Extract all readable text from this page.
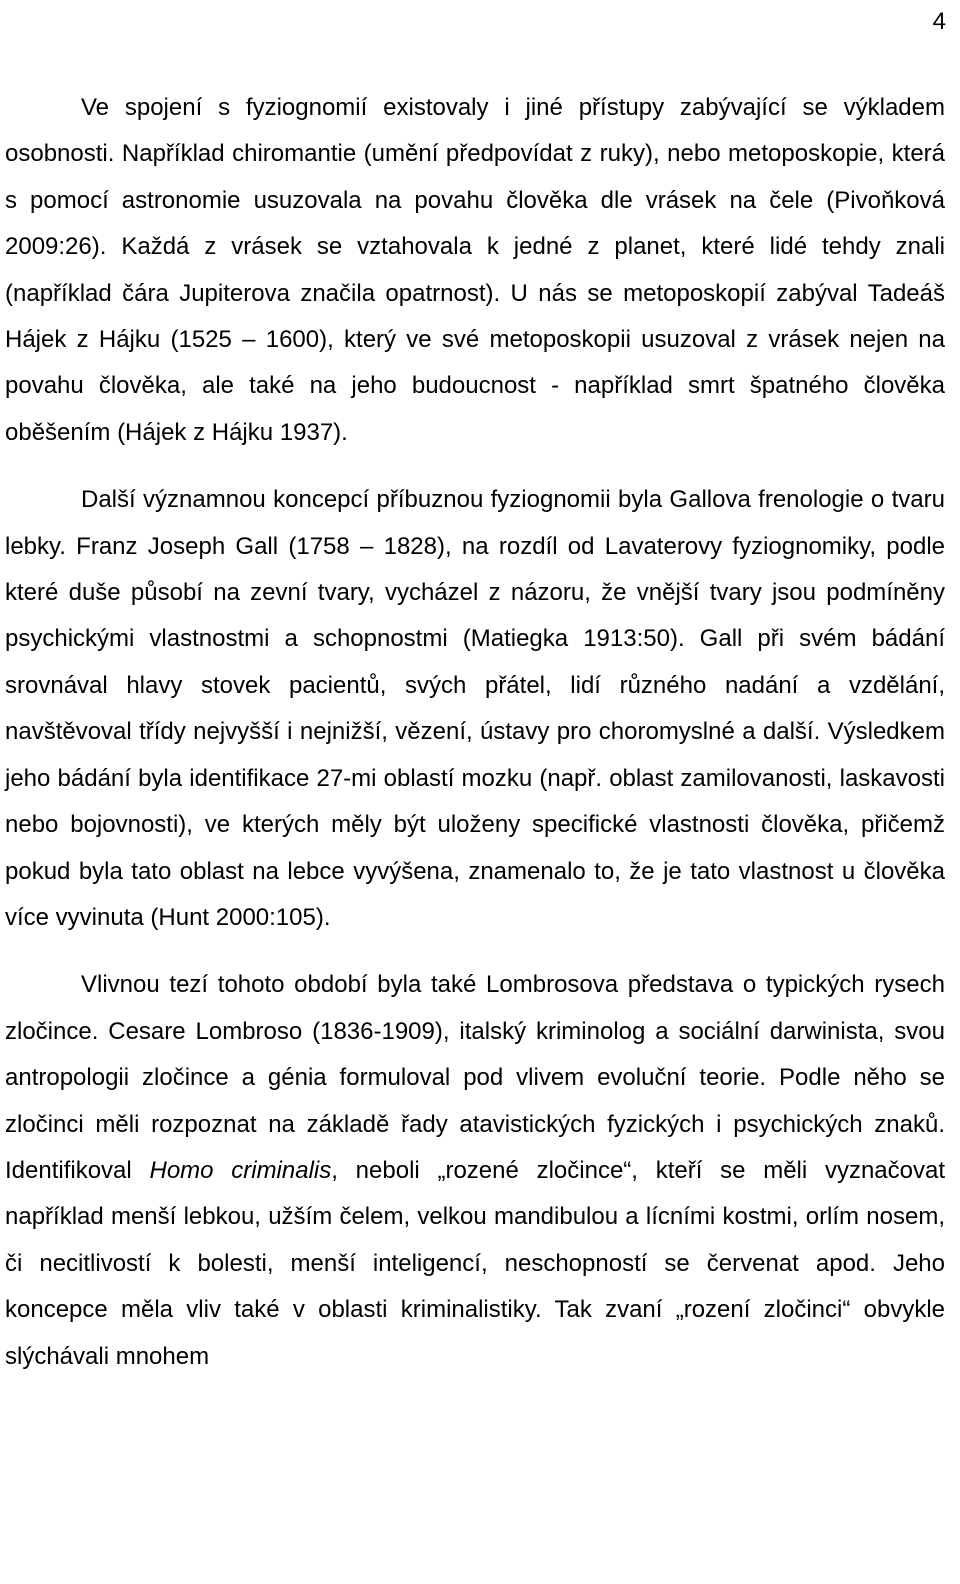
4

Ve spojení s fyziognomií existovaly i jiné přístupy zabývající se výkladem osobnosti. Například chiromantie (umění předpovídat z ruky), nebo metoposkopie, která s pomocí astronomie usuzovala na povahu člověka dle vrásek na čele (Pivoňková 2009:26). Každá z vrásek se vztahovala k jedné z planet, které lidé tehdy znali (například čára Jupiterova značila opatrnost). U nás se metoposkopií zabýval Tadeáš Hájek z Hájku (1525 – 1600), který ve své metoposkopii usuzoval z vrásek nejen na povahu člověka, ale také na jeho budoucnost - například smrt špatného člověka oběšením (Hájek z Hájku 1937).

Další významnou koncepcí příbuznou fyziognomii byla Gallova frenologie o tvaru lebky. Franz Joseph Gall (1758 – 1828), na rozdíl od Lavaterovy fyziognomiky, podle které duše působí na zevní tvary, vycházel z názoru, že vnější tvary jsou podmíněny psychickými vlastnostmi a schopnostmi (Matiegka 1913:50). Gall při svém bádání srovnával hlavy stovek pacientů, svých přátel, lidí různého nadání a vzdělání, navštěvoval třídy nejvyšší i nejnižší, vězení, ústavy pro choromyslné a další. Výsledkem jeho bádání byla identifikace 27-mi oblastí mozku (např. oblast zamilovanosti, laskavosti nebo bojovnosti), ve kterých měly být uloženy specifické vlastnosti člověka, přičemž pokud byla tato oblast na lebce vyvýšena, znamenalo to, že je tato vlastnost u člověka více vyvinuta (Hunt 2000:105).

Vlivnou tezí tohoto období byla také Lombrosova představa o typických rysech zločince. Cesare Lombroso (1836-1909), italský kriminolog a sociální darwinista, svou antropologii zločince a génia formuloval pod vlivem evoluční teorie. Podle něho se zločinci měli rozpoznat na základě řady atavistických fyzických i psychických znaků. Identifikoval Homo criminalis, neboli „rozené zločince“, kteří se měli vyznačovat například menší lebkou, užším čelem, velkou mandibulou a lícními kostmi, orlím nosem, či necitlivostí k bolesti, menší inteligencí, neschopností se červenat apod. Jeho koncepce měla vliv také v oblasti kriminalistiky. Tak zvaní „rození zločinci“ obvykle slýchávali mnohem
